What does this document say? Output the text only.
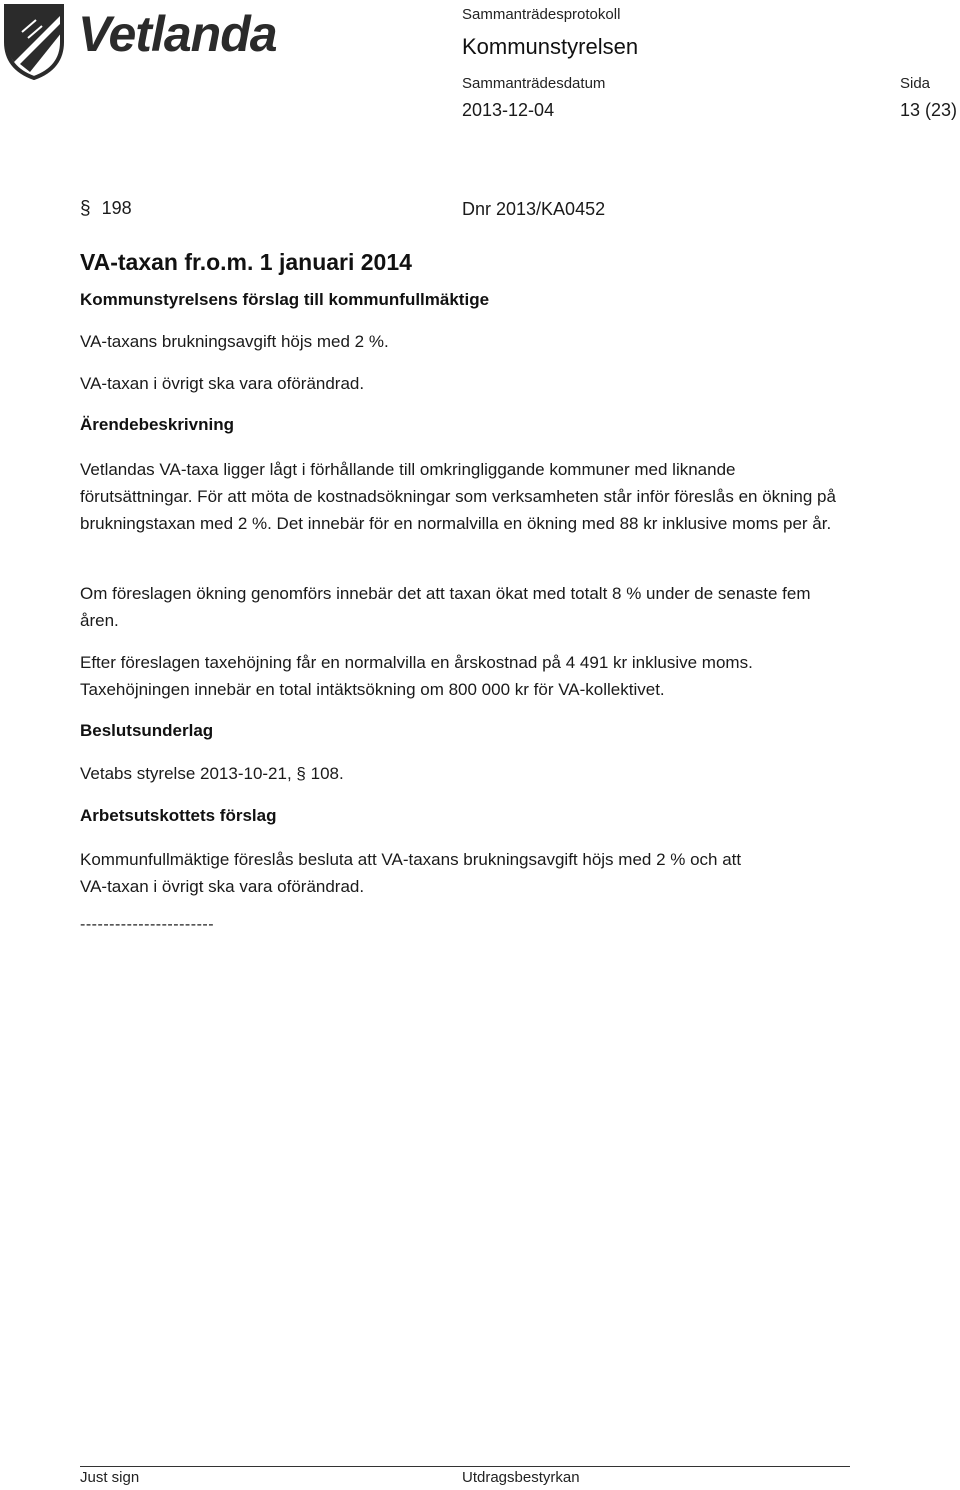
Vetlanda	Sammanträdesprotokoll
Kommunstyrelsen
Sammanträdesdatum	Sida
2013-12-04	13 (23)
§ 198	Dnr 2013/KA0452
VA-taxan fr.o.m. 1 januari 2014
Kommunstyrelsens förslag till kommunfullmäktige
VA-taxans brukningsavgift höjs med 2 %.
VA-taxan i övrigt ska vara oförändrad.
Ärendebeskrivning
Vetlandas VA-taxa ligger lågt i förhållande till omkringliggande kommuner med liknande förutsättningar. För att möta de kostnadsökningar som verksamheten står inför föreslås en ökning på brukningstaxan med 2 %. Det innebär för en normalvilla en ökning med 88 kr inklusive moms per år.
Om föreslagen ökning genomförs innebär det att taxan ökat med totalt 8 % under de senaste fem åren.
Efter föreslagen taxehöjning får en normalvilla en årskostnad på 4 491 kr inklusive moms. Taxehöjningen innebär en total intäktsökning om 800 000 kr för VA-kollektivet.
Beslutsunderlag
Vetabs styrelse 2013-10-21, § 108.
Arbetsutskottets förslag
Kommunfullmäktige föreslås besluta att VA-taxans brukningsavgift höjs med 2 % och att VA-taxan i övrigt ska vara oförändrad.
-----------------------
Just sign	Utdragsbestyrkan
